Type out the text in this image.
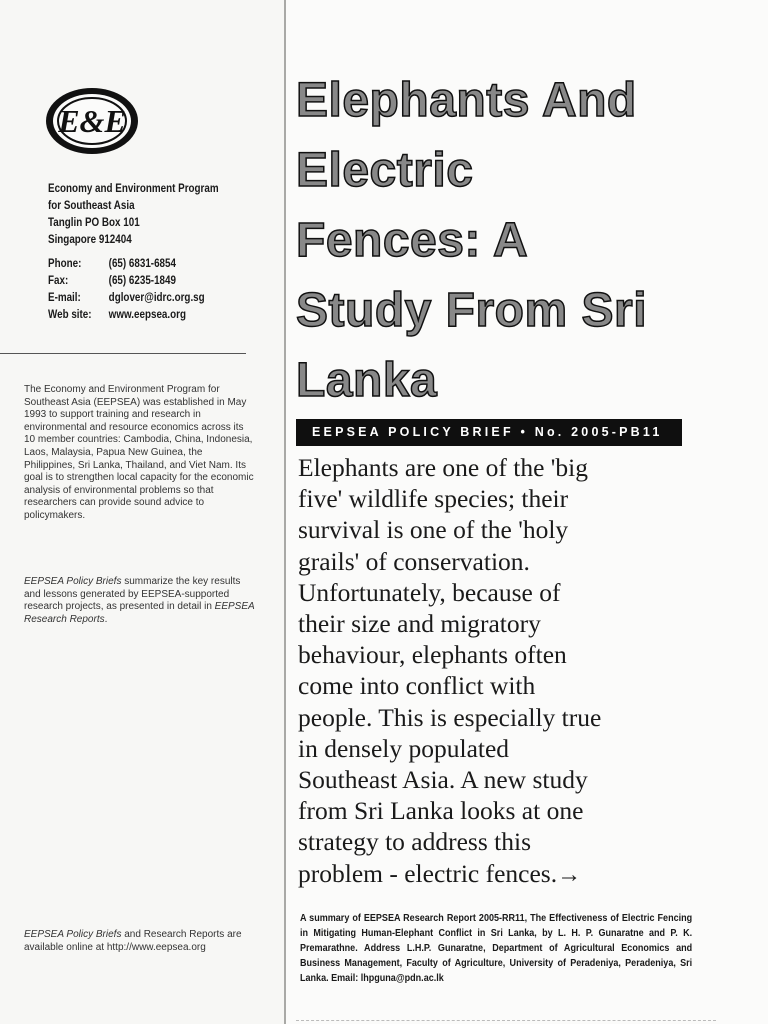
E&E
Economy and Environment Program
for Southeast Asia
Tanglin PO Box 101
Singapore 912404
Phone:	(65) 6831-6854
Fax:	(65) 6235-1849
E-mail:	dglover@idrc.org.sg
Web site:	www.eepsea.org

The Economy and Environment Program for Southeast Asia (EEPSEA) was established in May 1993 to support training and research in environmental and resource economics across its 10 member countries: Cambodia, China, Indonesia, Laos, Malaysia, Papua New Guinea, the Philippines, Sri Lanka, Thailand, and Viet Nam. Its goal is to strengthen local capacity for the economic analysis of environmental problems so that researchers can provide sound advice to policymakers.

EEPSEA Policy Briefs summarize the key results and lessons generated by EEPSEA-supported research projects, as presented in detail in EEPSEA Research Reports.
EEPSEA Policy Briefs and Research Reports are available online at http://www.eepsea.org
Elephants And
Electric
Fences: A
Study From Sri
Lanka
EEPSEA POLICY BRIEF • No. 2005-PB11
Elephants are one of the 'big
five' wildlife species; their
survival is one of the 'holy
grails' of conservation.
Unfortunately, because of
their size and migratory
behaviour, elephants often
come into conflict with
people. This is especially true
in densely populated
Southeast Asia. A new study
from Sri Lanka looks at one
strategy to address this
problem - electric fences.→
A summary of EEPSEA Research Report 2005-RR11, The Effectiveness of Electric Fencing in Mitigating Human-Elephant Conflict in Sri Lanka, by L. H. P. Gunaratne and P. K. Premarathne. Address L.H.P. Gunaratne, Department of Agricultural Economics and Business Management, Faculty of Agriculture, University of Peradeniya, Peradeniya, Sri Lanka. Email: lhpguna@pdn.ac.lk
